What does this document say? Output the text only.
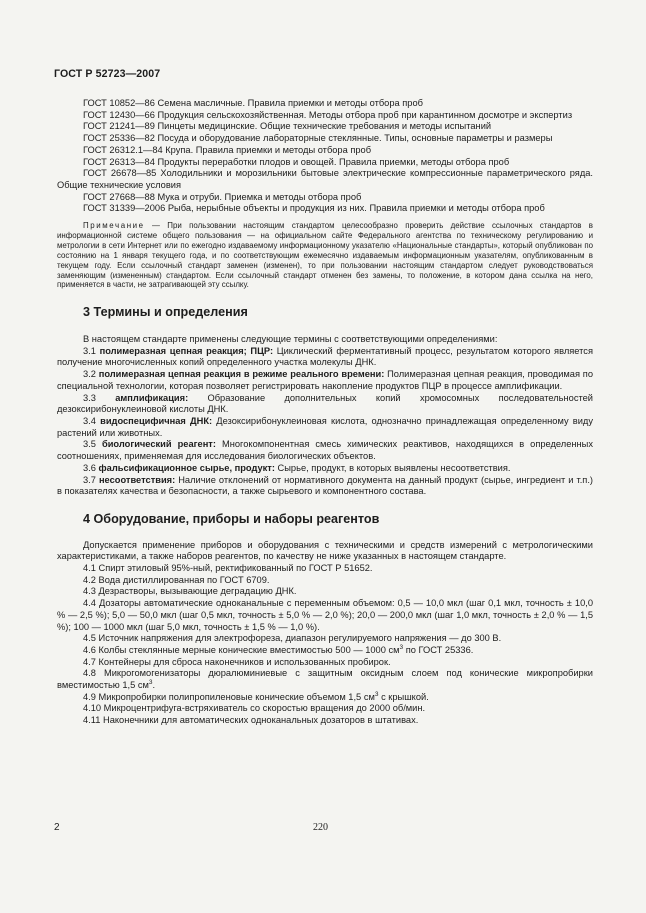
ГОСТ Р 52723—2007

ГОСТ 10852—86 Семена масличные. Правила приемки и методы отбора проб

ГОСТ 12430—66 Продукция сельскохозяйственная. Методы отбора проб при карантинном досмотре и экспертиз

ГОСТ 21241—89 Пинцеты медицинские. Общие технические требования и методы испытаний

ГОСТ 25336—82 Посуда и оборудование лабораторные стеклянные. Типы, основные параметры и размеры

ГОСТ 26312.1—84 Крупа. Правила приемки и методы отбора проб

ГОСТ 26313—84 Продукты переработки плодов и овощей. Правила приемки, методы отбора проб

ГОСТ 26678—85 Холодильники и морозильники бытовые электрические компрессионные параметрического ряда. Общие технические условия

ГОСТ 27668—88 Мука и отруби. Приемка и методы отбора проб

ГОСТ 31339—2006 Рыба, нерыбные объекты и продукция из них. Правила приемки и методы отбора проб

Примечание — При пользовании настоящим стандартом целесообразно проверить действие ссылочных стандартов в информационной системе общего пользования — на официальном сайте Федерального агентства по техническому регулированию и метрологии в сети Интернет или по ежегодно издаваемому информационному указателю «Национальные стандарты», который опубликован по состоянию на 1 января текущего года, и по соответствующим ежемесячно издаваемым информационным указателям, опубликованным в текущем году. Если ссылочный стандарт заменен (изменен), то при пользовании настоящим стандартом следует руководствоваться заменяющим (измененным) стандартом. Если ссылочный стандарт отменен без замены, то положение, в котором дана ссылка на него, применяется в части, не затрагивающей эту ссылку.

3 Термины и определения

В настоящем стандарте применены следующие термины с соответствующими определениями:

3.1 полимеразная цепная реакция; ПЦР: Циклический ферментативный процесс, результатом которого является получение многочисленных копий определенного участка молекулы ДНК.

3.2 полимеразная цепная реакция в режиме реального времени: Полимеразная цепная реакция, проводимая по специальной технологии, которая позволяет регистрировать накопление продуктов ПЦР в процессе амплификации.

3.3 амплификация: Образование дополнительных копий хромосомных последовательностей дезоксирибонуклеиновой кислоты ДНК.

3.4 видоспецифичная ДНК: Дезоксирибонуклеиновая кислота, однозначно принадлежащая определенному виду растений или животных.

3.5 биологический реагент: Многокомпонентная смесь химических реактивов, находящихся в определенных соотношениях, применяемая для исследования биологических объектов.

3.6 фальсификационное сырье, продукт: Сырье, продукт, в которых выявлены несоответствия.

3.7 несоответствия: Наличие отклонений от нормативного документа на данный продукт (сырье, ингредиент и т.п.) в показателях качества и безопасности, а также сырьевого и компонентного состава.

4 Оборудование, приборы и наборы реагентов

Допускается применение приборов и оборудования с техническими и средств измерений с метрологическими характеристиками, а также наборов реагентов, по качеству не ниже указанных в настоящем стандарте.

4.1 Спирт этиловый 95%-ный, ректификованный по ГОСТ Р 51652.

4.2 Вода дистиллированная по ГОСТ 6709.

4.3 Дезрастворы, вызывающие деградацию ДНК.

4.4 Дозаторы автоматические одноканальные с переменным объемом: 0,5 — 10,0 мкл (шаг 0,1 мкл, точность ± 10,0 % — 2,5 %); 5,0 — 50,0 мкл (шаг 0,5 мкл, точность ± 5,0 % — 2,0 %); 20,0 — 200,0 мкл (шаг 1,0 мкл, точность ± 2,0 % — 1,5 %); 100 — 1000 мкл (шаг 5,0 мкл, точность ± 1,5 % — 1,0 %).

4.5 Источник напряжения для электрофореза, диапазон регулируемого напряжения — до 300 В.

4.6 Колбы стеклянные мерные конические вместимостью 500 — 1000 $см^3$ по ГОСТ 25336.

4.7 Контейнеры для сброса наконечников и использованных пробирок.

4.8 Микрогомогенизаторы дюралюминиевые с защитным оксидным слоем под конические микропробирки вместимостью 1,5 $см^3$.

4.9 Микропробирки полипропиленовые конические объемом 1,5 $см^3$ с крышкой.

4.10 Микроцентрифуга-встряхиватель со скоростью вращения до 2000 об/мин.

4.11 Наконечники для автоматических одноканальных дозаторов в штативах.

2	220
